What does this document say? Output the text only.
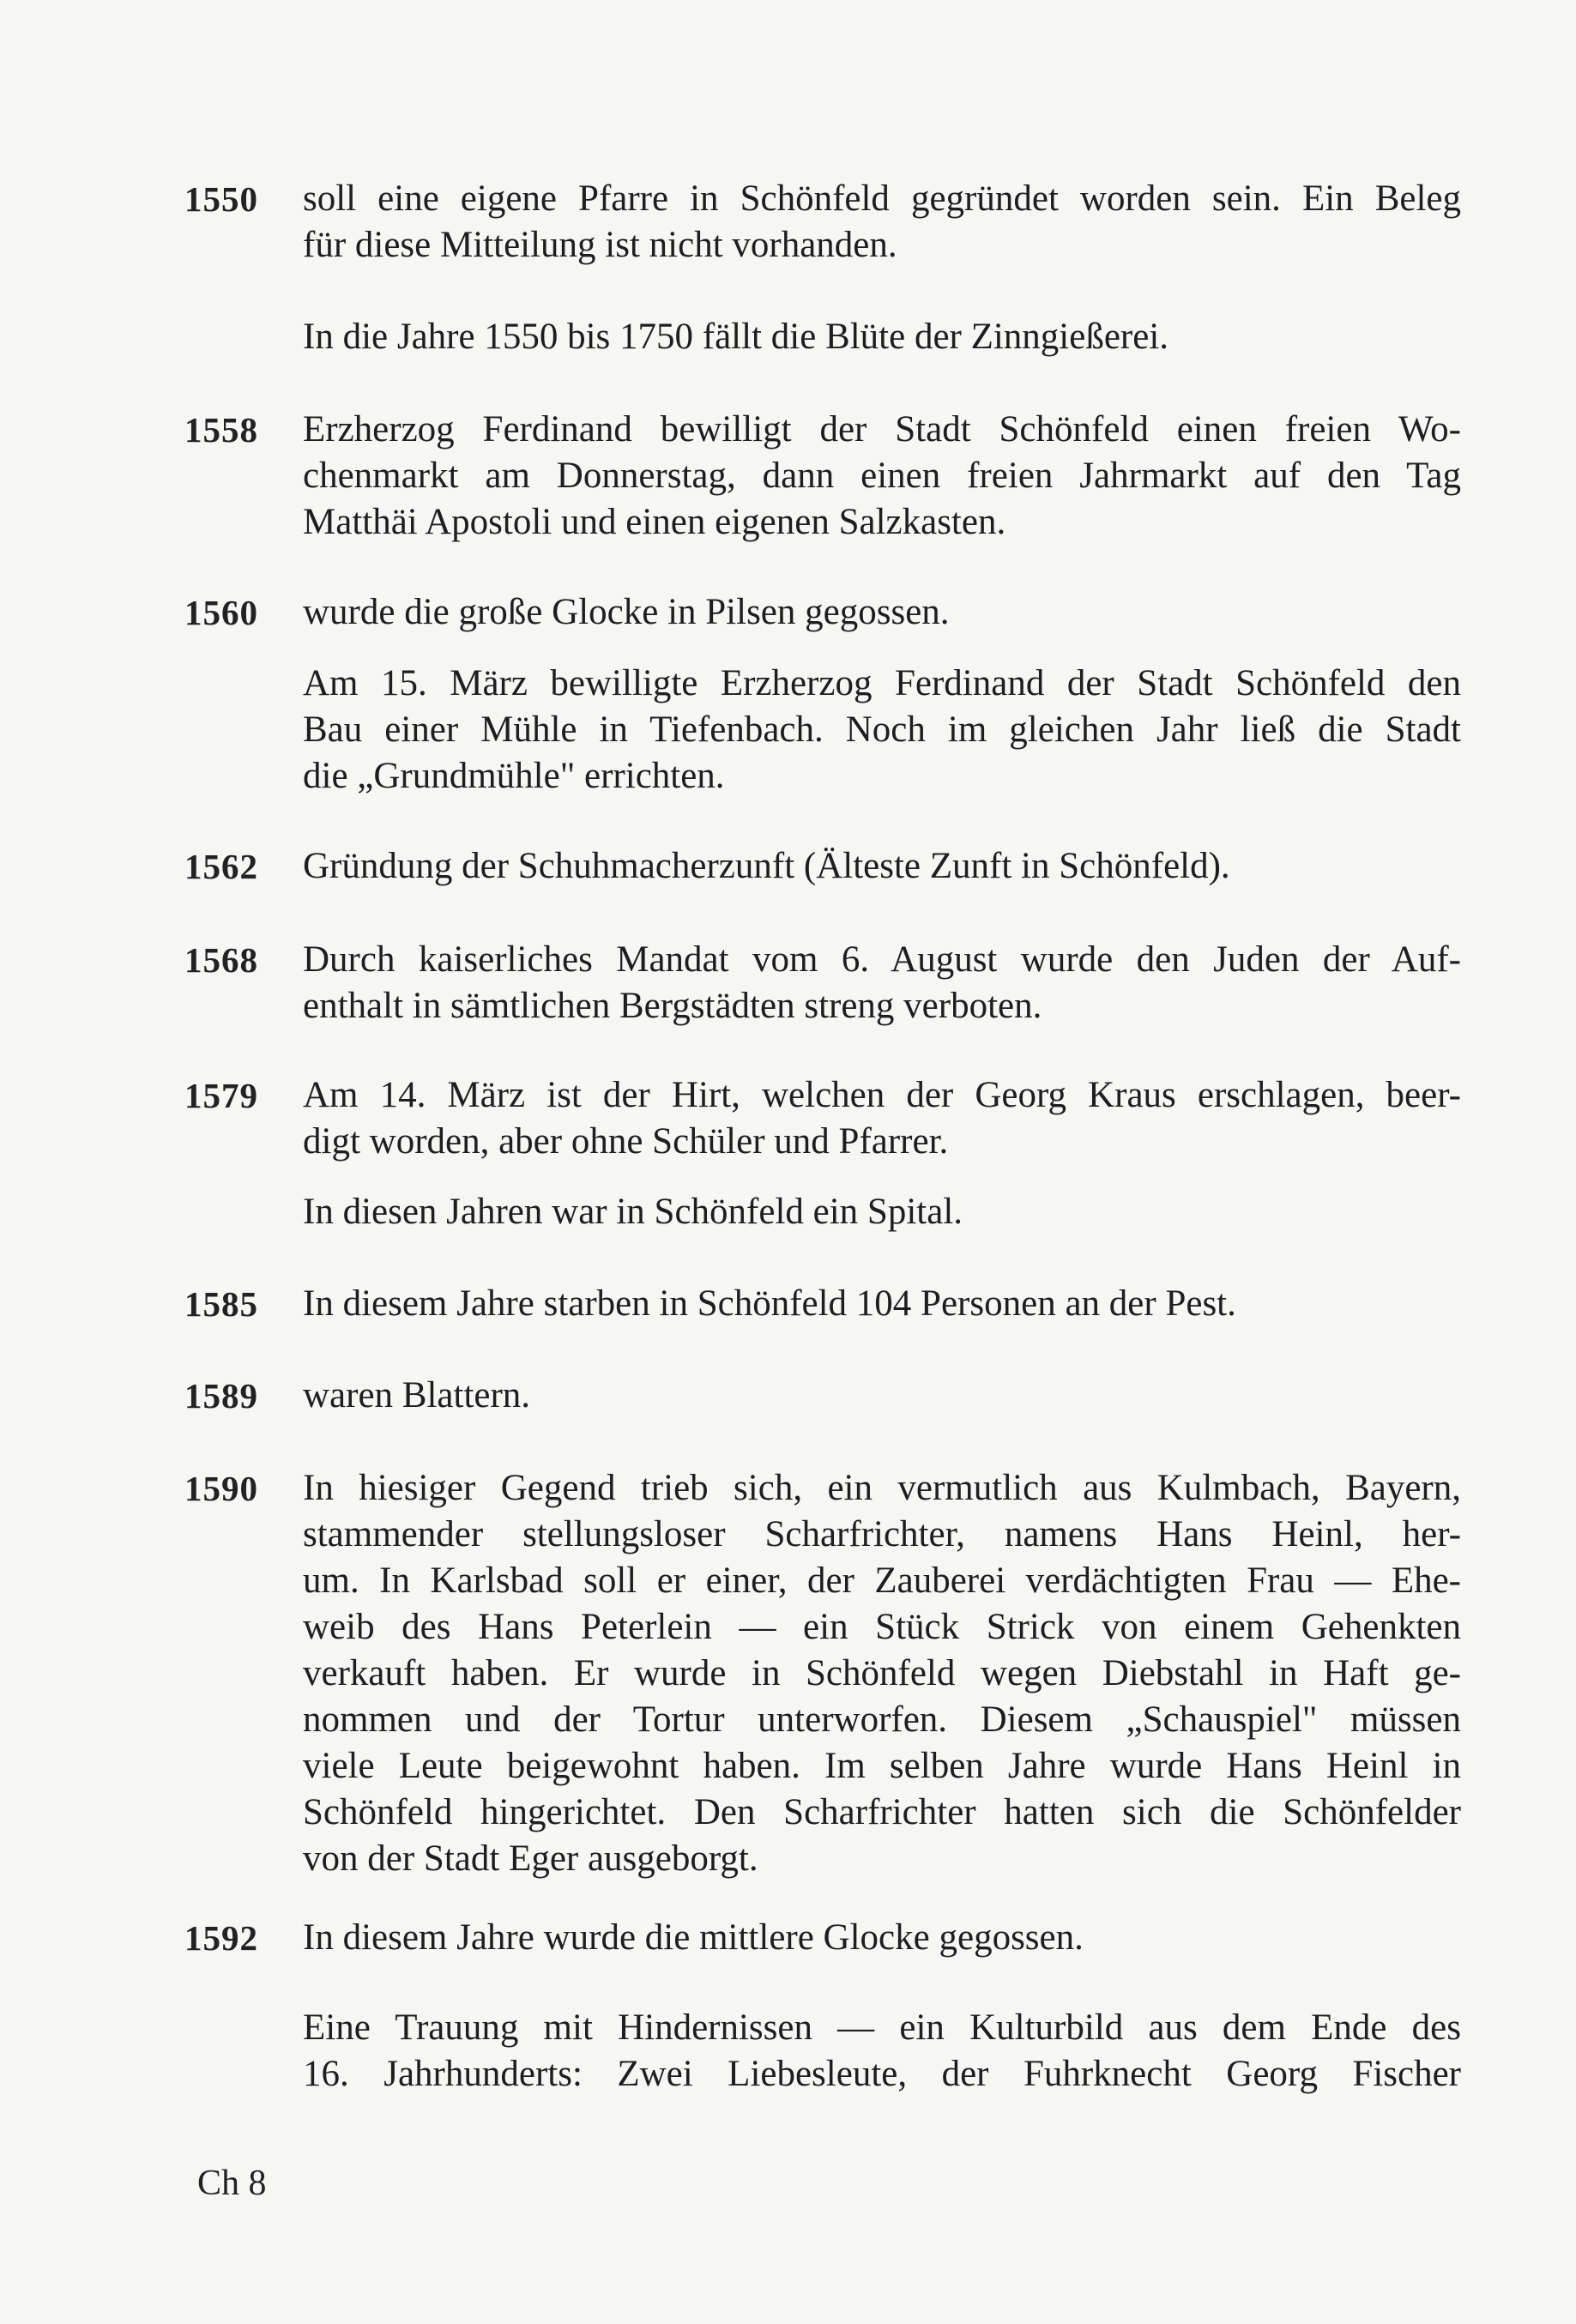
1550	soll eine eigene Pfarre in Schönfeld gegründet worden sein. Ein Beleg
für diese Mitteilung ist nicht vorhanden.
In die Jahre 1550 bis 1750 fällt die Blüte der Zinngießerei.
1558	Erzherzog Ferdinand bewilligt der Stadt Schönfeld einen freien Wo-
chenmarkt am Donnerstag, dann einen freien Jahrmarkt auf den Tag
Matthäi Apostoli und einen eigenen Salzkasten.
1560	wurde die große Glocke in Pilsen gegossen.
Am 15. März bewilligte Erzherzog Ferdinand der Stadt Schönfeld den
Bau einer Mühle in Tiefenbach. Noch im gleichen Jahr ließ die Stadt
die „Grundmühle" errichten.
1562	Gründung der Schuhmacherzunft (Älteste Zunft in Schönfeld).
1568	Durch kaiserliches Mandat vom 6. August wurde den Juden der Auf-
enthalt in sämtlichen Bergstädten streng verboten.
1579	Am 14. März ist der Hirt, welchen der Georg Kraus erschlagen, beer-
digt worden, aber ohne Schüler und Pfarrer.
In diesen Jahren war in Schönfeld ein Spital.
1585	In diesem Jahre starben in Schönfeld 104 Personen an der Pest.
1589	waren Blattern.
1590	In hiesiger Gegend trieb sich, ein vermutlich aus Kulmbach, Bayern,
stammender stellungsloser Scharfrichter, namens Hans Heinl, her-
um. In Karlsbad soll er einer, der Zauberei verdächtigten Frau — Ehe-
weib des Hans Peterlein — ein Stück Strick von einem Gehenkten
verkauft haben. Er wurde in Schönfeld wegen Diebstahl in Haft ge-
nommen und der Tortur unterworfen. Diesem „Schauspiel" müssen
viele Leute beigewohnt haben. Im selben Jahre wurde Hans Heinl in
Schönfeld hingerichtet. Den Scharfrichter hatten sich die Schönfelder
von der Stadt Eger ausgeborgt.
1592	In diesem Jahre wurde die mittlere Glocke gegossen.
Eine Trauung mit Hindernissen — ein Kulturbild aus dem Ende des
16. Jahrhunderts: Zwei Liebesleute, der Fuhrknecht Georg Fischer
Ch 8
